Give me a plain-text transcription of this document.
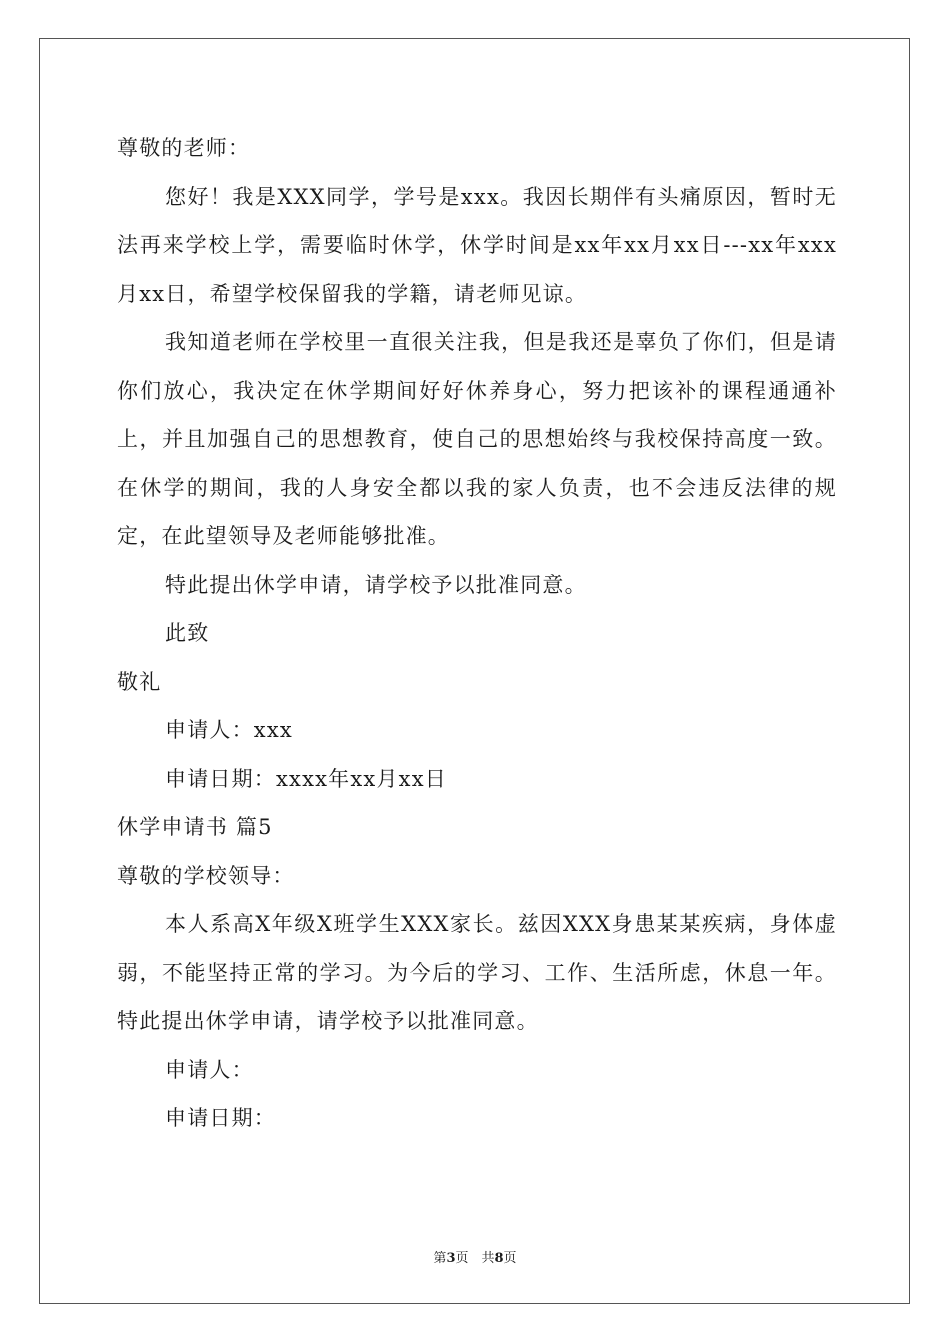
尊敬的老师：

您好！我是XXX同学，学号是xxx。我因长期伴有头痛原因，暂时无法再来学校上学，需要临时休学，休学时间是xx年xx月xx日---xx年xxx月xx日，希望学校保留我的学籍，请老师见谅。

我知道老师在学校里一直很关注我，但是我还是辜负了你们，但是请你们放心，我决定在休学期间好好休养身心，努力把该补的课程通通补上，并且加强自己的思想教育，使自己的思想始终与我校保持高度一致。在休学的期间，我的人身安全都以我的家人负责，也不会违反法律的规定，在此望领导及老师能够批准。

特此提出休学申请，请学校予以批准同意。

此致

敬礼

申请人：xxx

申请日期：xxxx年xx月xx日

休学申请书 篇5

尊敬的学校领导：

本人系高X年级X班学生XXX家长。兹因XXX身患某某疾病，身体虚弱，不能坚持正常的学习。为今后的学习、工作、生活所虑，休息一年。特此提出休学申请，请学校予以批准同意。

申请人：

申请日期：

第3页　共8页
